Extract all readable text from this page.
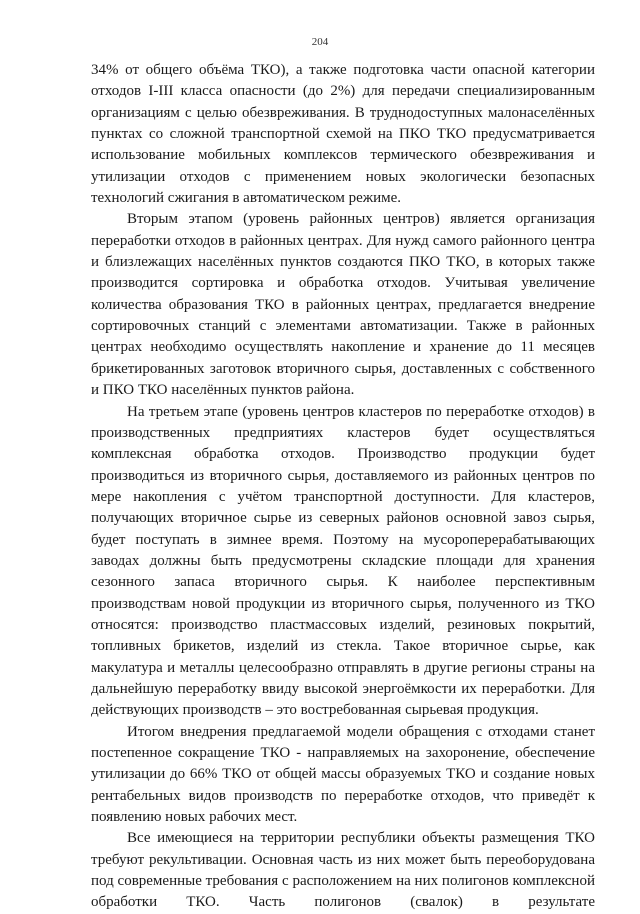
204

34% от общего объёма ТКО), а также подготовка части опасной категории отходов I-III класса опасности (до 2%) для передачи специализированным организациям с целью обезвреживания. В труднодоступных малонаселённых пунктах со сложной транспортной схемой на ПКО ТКО предусматривается использование мобильных комплексов термического обезвреживания и утилизации отходов с применением новых экологически безопасных технологий сжигания в автоматическом режиме.

Вторым этапом (уровень районных центров) является организация переработки отходов в районных центрах. Для нужд самого районного центра и близлежащих населённых пунктов создаются ПКО ТКО, в которых также производится сортировка и обработка отходов. Учитывая увеличение количества образования ТКО в районных центрах, предлагается внедрение сортировочных станций с элементами автоматизации. Также в районных центрах необходимо осуществлять накопление и хранение до 11 месяцев брикетированных заготовок вторичного сырья, доставленных с собственного и ПКО ТКО населённых пунктов района.

На третьем этапе (уровень центров кластеров по переработке отходов) в производственных предприятиях кластеров будет осуществляться комплексная обработка отходов. Производство продукции будет производиться из вторичного сырья, доставляемого из районных центров по мере накопления с учётом транспортной доступности. Для кластеров, получающих вторичное сырье из северных районов основной завоз сырья, будет поступать в зимнее время. Поэтому на мусороперерабатывающих заводах должны быть предусмотрены складские площади для хранения сезонного запаса вторичного сырья. К наиболее перспективным производствам новой продукции из вторичного сырья, полученного из ТКО относятся: производство пластмассовых изделий, резиновых покрытий, топливных брикетов, изделий из стекла. Такое вторичное сырье, как макулатура и металлы целесообразно отправлять в другие регионы страны на дальнейшую переработку ввиду высокой энергоёмкости их переработки. Для действующих производств – это востребованная сырьевая продукция.

Итогом внедрения предлагаемой модели обращения с отходами станет постепенное сокращение ТКО - направляемых на захоронение, обеспечение утилизации до 66% ТКО от общей массы образуемых ТКО и создание новых рентабельных видов производств по переработке отходов, что приведёт к появлению новых рабочих мест.

Все имеющиеся на территории республики объекты размещения ТКО требуют рекультивации. Основная часть из них может быть переоборудована под современные требования с расположением на них полигонов комплексной обработки ТКО. Часть полигонов (свалок) в результате
